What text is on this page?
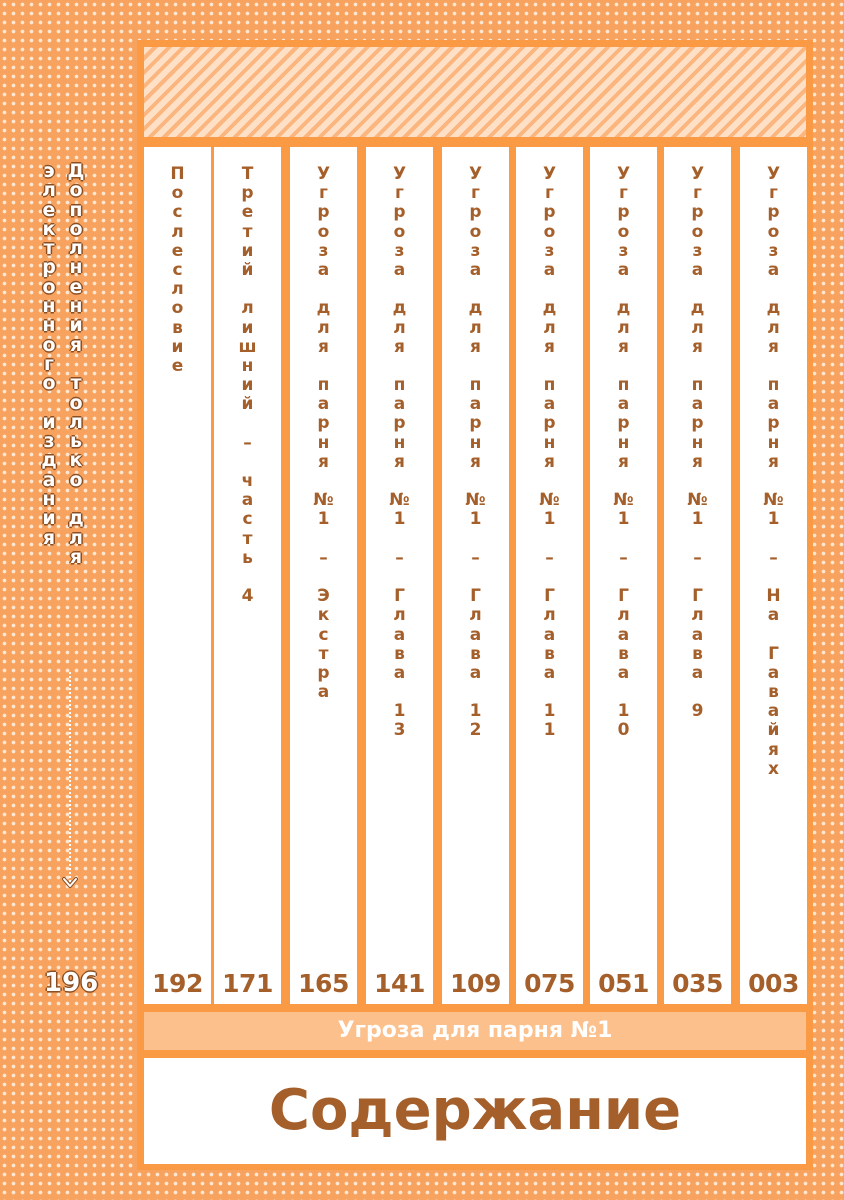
П
о
с
л
е
с
л
о
в
и
е
192
Т
р
е
т
и
й

л
и
ш
н
и
й

–

ч
а
с
т
ь

4
171
У
г
р
о
з
а

д
л
я

п
а
р
н
я

№
1

–

Э
к
с
т
р
а
165
У
г
р
о
з
а

д
л
я

п
а
р
н
я

№
1

–

Г
л
а
в
а

1
3
141
У
г
р
о
з
а

д
л
я

п
а
р
н
я

№
1

–

Г
л
а
в
а

1
2
109
У
г
р
о
з
а

д
л
я

п
а
р
н
я

№
1

–

Г
л
а
в
а

1
1
075
У
г
р
о
з
а

д
л
я

п
а
р
н
я

№
1

–

Г
л
а
в
а

1
0
051
У
г
р
о
з
а

д
л
я

п
а
р
н
я

№
1

–

Г
л
а
в
а

9
035
У
г
р
о
з
а

д
л
я

п
а
р
н
я

№
1

–

Н
а

Г
а
в
а
й
я
х
003
Угроза для парня №1
Содержание
Д
о
п
о
л
н
е
н
и
я

т
о
л
ь
к
о

д
л
я
э
л
е
к
т
р
о
н
н
о
г
о

и
з
д
а
н
и
я
196
